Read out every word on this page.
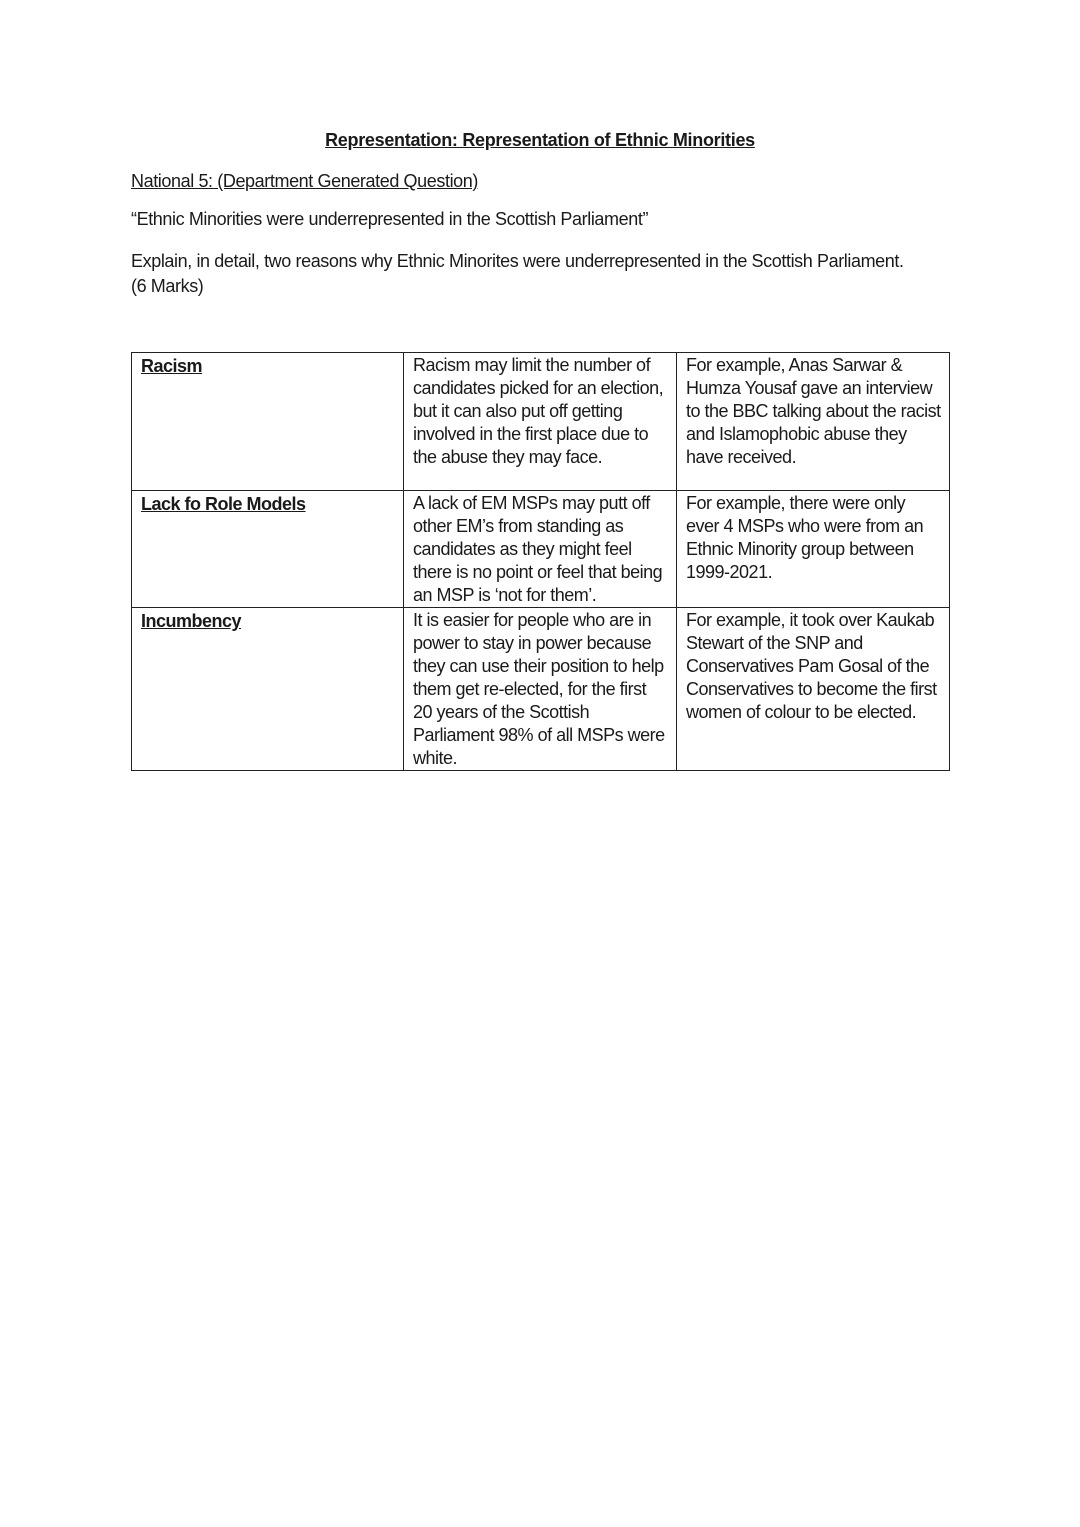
Representation: Representation of Ethnic Minorities
National 5: (Department Generated Question)
“Ethnic Minorities were underrepresented in the Scottish Parliament”
Explain, in detail, two reasons why Ethnic Minorites were underrepresented in the Scottish Parliament.
(6 Marks)
Racism	Racism may limit the number of candidates picked for an election, but it can also put off getting involved in the first place due to the abuse they may face.	For example, Anas Sarwar & Humza Yousaf gave an interview to the BBC talking about the racist and Islamophobic abuse they have received.
Lack fo Role Models	A lack of EM MSPs may putt off other EM’s from standing as candidates as they might feel there is no point or feel that being an MSP is ‘not for them’.	For example, there were only ever 4 MSPs who were from an Ethnic Minority group between 1999-2021.
Incumbency	It is easier for people who are in power to stay in power because they can use their position to help them get re-elected, for the first 20 years of the Scottish Parliament 98% of all MSPs were white.	For example, it took over Kaukab Stewart of the SNP and Conservatives Pam Gosal of the Conservatives to become the first women of colour to be elected.
